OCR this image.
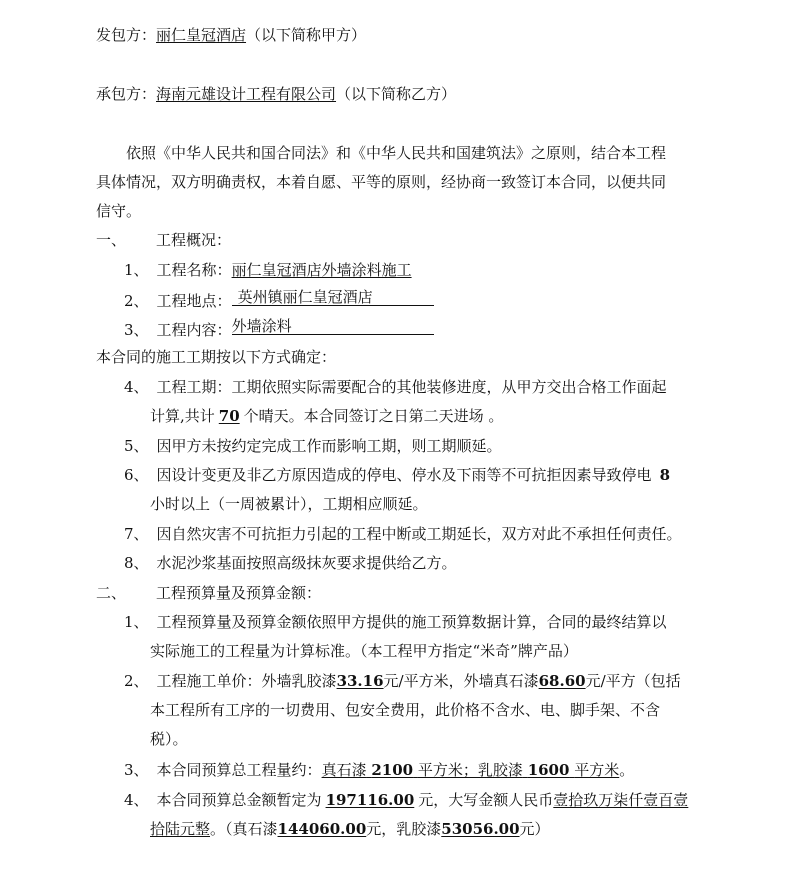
发包方：丽仁皇冠酒店（以下简称甲方）
承包方：海南元雄设计工程有限公司（以下简称乙方）
依照《中华人民共和国合同法》和《中华人民共和国建筑法》之原则，结合本工程
具体情况，双方明确责权，本着自愿、平等的原则，经协商一致签订本合同，以便共同
信守。
一、 工程概况：
1、 工程名称：丽仁皇冠酒店外墙涂料施工
2、 工程地点： 英州镇丽仁皇冠酒店
3、 工程内容： 外墙涂料
本合同的施工工期按以下方式确定：
4、 工程工期：工期依照实际需要配合的其他装修进度，从甲方交出合格工作面起
计算,共计 70 个晴天。本合同签订之日第二天进场 。
5、 因甲方未按约定完成工作而影响工期，则工期顺延。
6、 因设计变更及非乙方原因造成的停电、停水及下雨等不可抗拒因素导致停电 8
小时以上（一周被累计），工期相应顺延。
7、 因自然灾害不可抗拒力引起的工程中断或工期延长，双方对此不承担任何责任。
8、 水泥沙浆基面按照高级抹灰要求提供给乙方。
二、 工程预算量及预算金额：
1、 工程预算量及预算金额依照甲方提供的施工预算数据计算，合同的最终结算以
实际施工的工程量为计算标准。（本工程甲方指定“米奇”牌产品）
2、 工程施工单价：外墙乳胶漆33.16元/平方米，外墙真石漆68.60元/平方（包括
本工程所有工序的一切费用、包安全费用，此价格不含水、电、脚手架、不含
税）。
3、 本合同预算总工程量约：真石漆 2100 平方米；乳胶漆 1600 平方米。
4、 本合同预算总金额暂定为 197116.00 元，大写金额人民币壹拾玖万柒仟壹百壹
拾陆元整。（真石漆144060.00元，乳胶漆53056.00元）
